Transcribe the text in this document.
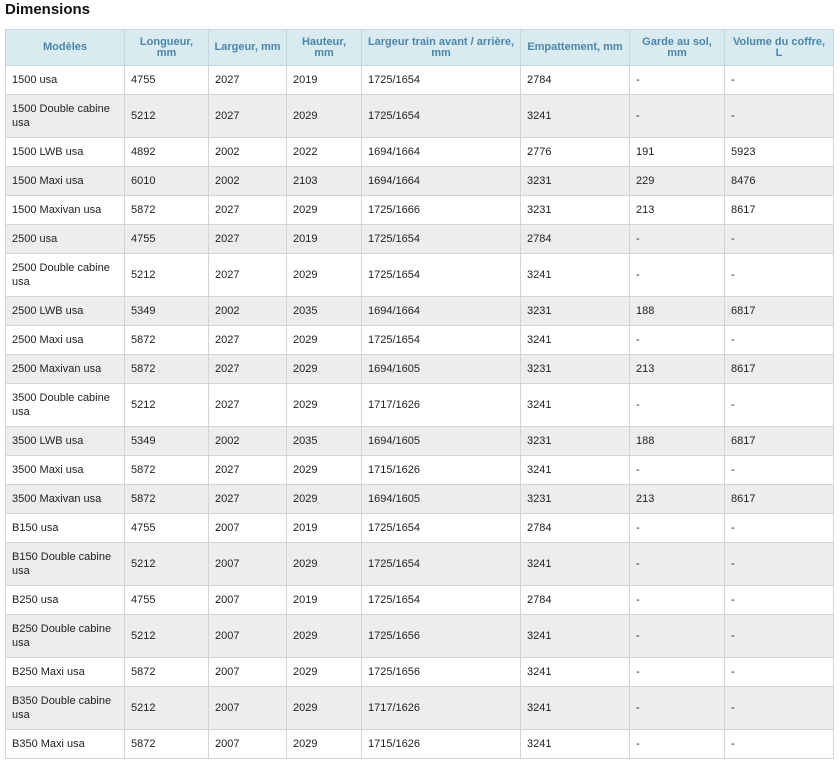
Dimensions
Modèles	Longueur, mm	Largeur, mm	Hauteur, mm	Largeur train avant / arrière, mm	Empattement, mm	Garde au sol, mm	Volume du coffre, L
1500 usa	4755	2027	2019	1725/1654	2784	-	-
1500 Double cabine usa	5212	2027	2029	1725/1654	3241	-	-
1500 LWB usa	4892	2002	2022	1694/1664	2776	191	5923
1500 Maxi usa	6010	2002	2103	1694/1664	3231	229	8476
1500 Maxivan usa	5872	2027	2029	1725/1666	3231	213	8617
2500 usa	4755	2027	2019	1725/1654	2784	-	-
2500 Double cabine usa	5212	2027	2029	1725/1654	3241	-	-
2500 LWB usa	5349	2002	2035	1694/1664	3231	188	6817
2500 Maxi usa	5872	2027	2029	1725/1654	3241	-	-
2500 Maxivan usa	5872	2027	2029	1694/1605	3231	213	8617
3500 Double cabine usa	5212	2027	2029	1717/1626	3241	-	-
3500 LWB usa	5349	2002	2035	1694/1605	3231	188	6817
3500 Maxi usa	5872	2027	2029	1715/1626	3241	-	-
3500 Maxivan usa	5872	2027	2029	1694/1605	3231	213	8617
B150 usa	4755	2007	2019	1725/1654	2784	-	-
B150 Double cabine usa	5212	2007	2029	1725/1654	3241	-	-
B250 usa	4755	2007	2019	1725/1654	2784	-	-
B250 Double cabine usa	5212	2007	2029	1725/1656	3241	-	-
B250 Maxi usa	5872	2007	2029	1725/1656	3241	-	-
B350 Double cabine usa	5212	2007	2029	1717/1626	3241	-	-
B350 Maxi usa	5872	2007	2029	1715/1626	3241	-	-
